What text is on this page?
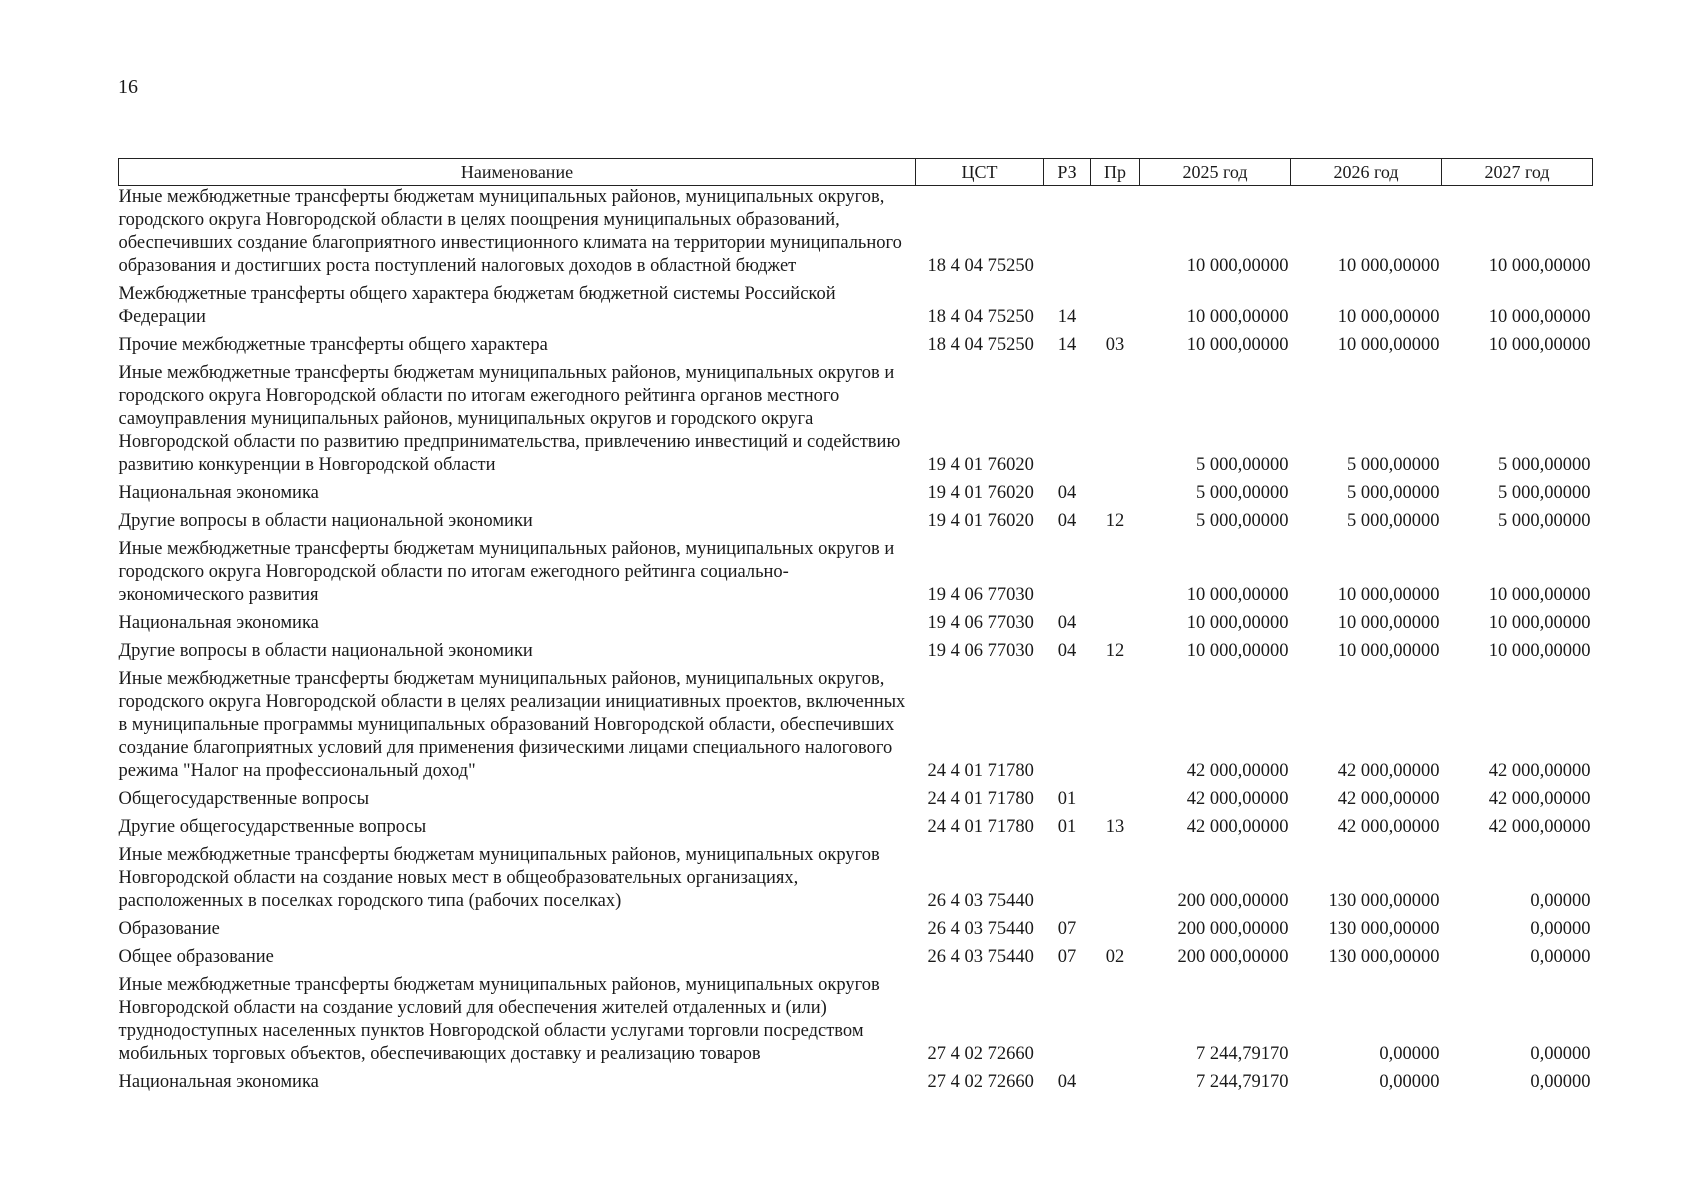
16
Наименование	ЦСТ	РЗ	Пр	2025 год	2026 год	2027 год
Иные межбюджетные трансферты бюджетам муниципальных районов, муниципальных округов, городского округа Новгородской области в целях поощрения муниципальных образований, обеспечивших создание благоприятного инвестиционного климата на территории муниципального образования и достигших роста поступлений налоговых доходов в областной бюджет	18 4 04 75250			10 000,00000	10 000,00000	10 000,00000
Межбюджетные трансферты общего характера бюджетам бюджетной системы Российской Федерации	18 4 04 75250	14		10 000,00000	10 000,00000	10 000,00000
Прочие межбюджетные трансферты общего характера	18 4 04 75250	14	03	10 000,00000	10 000,00000	10 000,00000
Иные межбюджетные трансферты бюджетам муниципальных районов, муниципальных округов и городского округа Новгородской области по итогам ежегодного рейтинга органов местного самоуправления муниципальных районов, муниципальных округов и городского округа Новгородской области по развитию предпринимательства, привлечению инвестиций и содействию развитию конкуренции в Новгородской области	19 4 01 76020			5 000,00000	5 000,00000	5 000,00000
Национальная экономика	19 4 01 76020	04		5 000,00000	5 000,00000	5 000,00000
Другие вопросы в области национальной экономики	19 4 01 76020	04	12	5 000,00000	5 000,00000	5 000,00000
Иные межбюджетные трансферты бюджетам муниципальных районов, муниципальных округов и городского округа Новгородской области по итогам ежегодного рейтинга социально-экономического развития	19 4 06 77030			10 000,00000	10 000,00000	10 000,00000
Национальная экономика	19 4 06 77030	04		10 000,00000	10 000,00000	10 000,00000
Другие вопросы в области национальной экономики	19 4 06 77030	04	12	10 000,00000	10 000,00000	10 000,00000
Иные межбюджетные трансферты бюджетам муниципальных районов, муниципальных округов, городского округа Новгородской области в целях реализации инициативных проектов, включенных в муниципальные программы муниципальных образований Новгородской области, обеспечивших создание благоприятных условий для применения физическими лицами специального налогового режима "Налог на профессиональный доход"	24 4 01 71780			42 000,00000	42 000,00000	42 000,00000
Общегосударственные вопросы	24 4 01 71780	01		42 000,00000	42 000,00000	42 000,00000
Другие общегосударственные вопросы	24 4 01 71780	01	13	42 000,00000	42 000,00000	42 000,00000
Иные межбюджетные трансферты бюджетам муниципальных районов, муниципальных округов Новгородской области на создание новых мест в общеобразовательных организациях, расположенных в поселках городского типа (рабочих поселках)	26 4 03 75440			200 000,00000	130 000,00000	0,00000
Образование	26 4 03 75440	07		200 000,00000	130 000,00000	0,00000
Общее образование	26 4 03 75440	07	02	200 000,00000	130 000,00000	0,00000
Иные межбюджетные трансферты бюджетам муниципальных районов, муниципальных округов Новгородской области на создание условий для обеспечения жителей отдаленных и (или) труднодоступных населенных пунктов Новгородской области услугами торговли посредством мобильных торговых объектов, обеспечивающих доставку и реализацию товаров	27 4 02 72660			7 244,79170	0,00000	0,00000
Национальная экономика	27 4 02 72660	04		7 244,79170	0,00000	0,00000
